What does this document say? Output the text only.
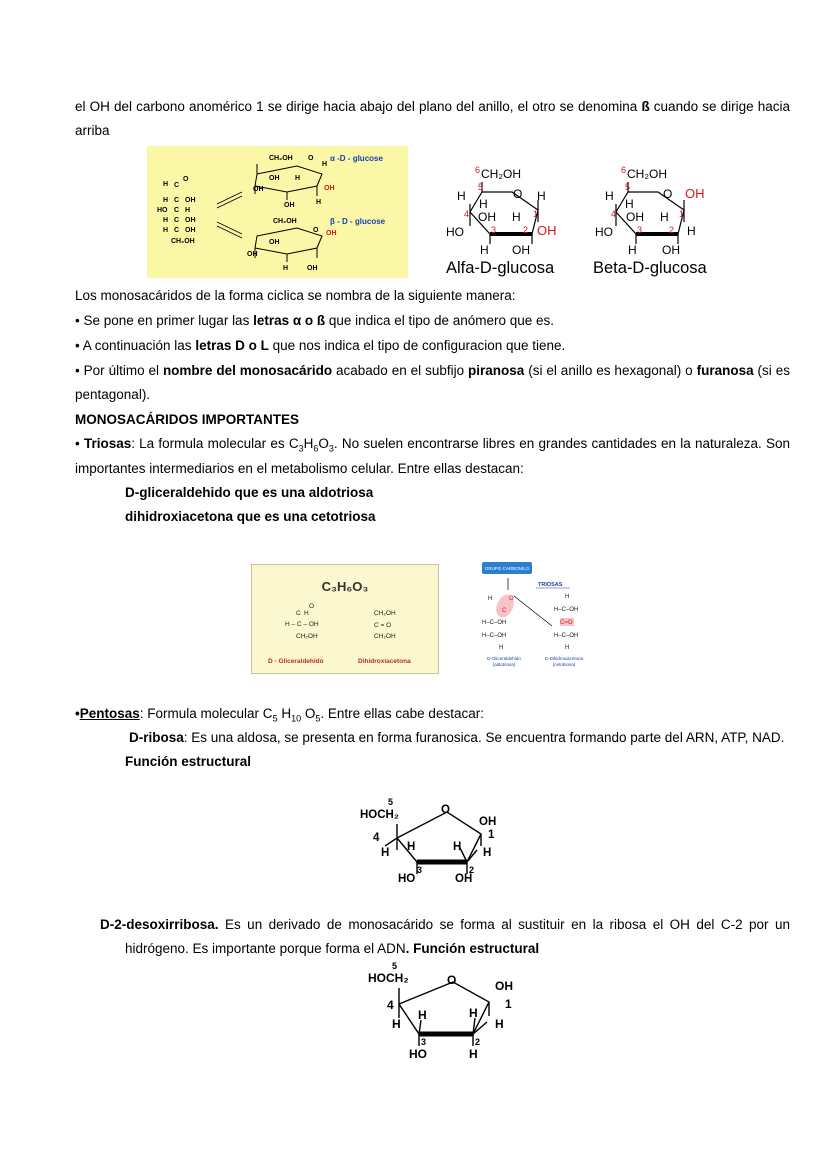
el OH del carbono anomérico 1 se dirige hacia abajo del plano del anillo, el otro se denomina ß cuando se dirige hacia
arriba
H C
O
H C OH
HO C H
H C OH
H C OH
CH₂OH
CH₂OH
H
O
OH H
OH	OH
OH	H
α -D - glucose
CH₂OH
O OH
OH
OH
H	OH
β - D - glucose
6 CH₂OH
5 O
H
H
H
4 OH H 1
HO	3	2 OH
H OH
Alfa-D-glucosa
6 CH₂OH
5	O OH
H
H
4 OH H 1
HO	3	2 H
H OH
Beta-D-glucosa
Los monosacáridos de la forma ciclica se nombra de la siguiente manera:
• Se pone en primer lugar las letras α o ß que indica el tipo de anómero que es.
• A continuación las letras D o L que nos indica el tipo de configuracion que tiene.
• Por último el nombre del monosacárido acabado en el subfijo piranosa (si el anillo es hexagonal) o furanosa (si es
pentagonal).
MONOSACÁRIDOS IMPORTANTES
• Triosas: La formula molecular es $C_3H_6O_3$. No suelen encontrarse libres en grandes cantidades en la naturaleza. Son
importantes intermediarios en el metabolismo celular. Entre ellas destacan:
D-gliceraldehido que es una aldotriosa
dihidroxiacetona que es una cetotriosa
C₃H₆O₃
O
C H
H – C – OH
CH₂OH
CH₂OH
C = O
CH₂OH
D - Gliceraldehido	Dihidroxiacetona
GRUPO CARBONILO
TRIOSAS
H	O
C
H–C–OH
H–C–OH
H
H
H–C–OH
C=O
H–C–OH
H
D-Gliceraldehído
(aldotriosa)
D-Dihidroxiacetona
(cetotriosa)
•Pentosas: Formula molecular $C_5$ $H_{10}$ $O_5$. Entre ellas cabe destacar:
D-ribosa: Es una aldosa, se presenta en forma furanosica. Se encuentra formando parte del ARN, ATP, NAD.
Función estructural
5
HOCH₂	O
OH
4	1
H H	H H
3	2
HO	OH
D-2-desoxirribosa. Es un derivado de monosacárido se forma al sustituir en la ribosa el OH del C-2 por un
hidrógeno. Es importante porque forma el ADN. Función estructural
5
HOCH₂	O	OH
4	1
H
H	H
H
3	2
HO	H
